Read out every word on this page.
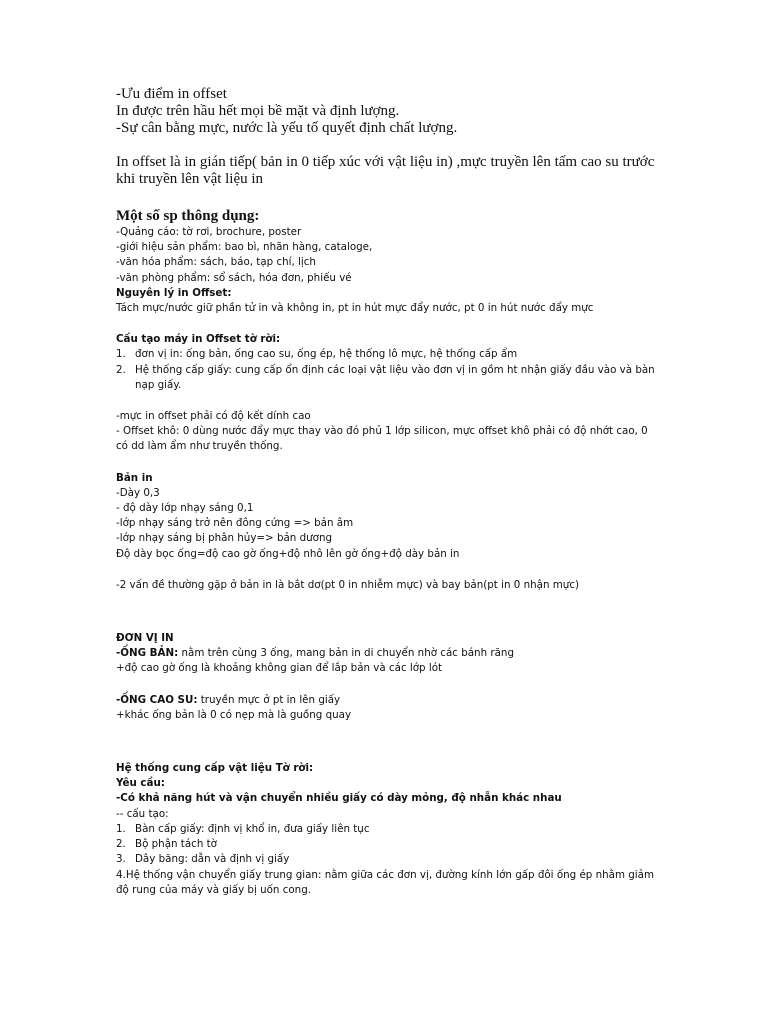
-Ưu điểm in offset
In được trên hầu hết mọi bề mặt và định lượng.
-Sự cân bằng mực, nước là yếu tố quyết định chất lượng.
In offset là in gián tiếp( bản in 0 tiếp xúc với vật liệu in) ,mực truyền lên tấm cao su trước khi truyền lên vật liệu in
Một số sp thông dụng:
-Quảng cáo: tờ rơi, brochure, poster
-giới hiệu sản phẩm: bao bì, nhãn hàng, cataloge,
-văn hóa phẩm: sách, báo, tạp chí, lịch
-văn phòng phẩm: sổ sách, hóa đơn, phiếu vé
Nguyên lý in Offset:
Tách mực/nước giữ phần tử in và không in, pt in hút mực đẩy nước, pt 0 in hút nước đẩy mực
Cấu tạo máy in Offset tờ rời:
1. đơn vị in: ống bản, ống cao su, ống ép, hệ thống lô mực, hệ thống cấp ẩm
2. Hệ thống cấp giấy: cung cấp ổn định các loại vật liệu vào đơn vị in gồm ht nhận giấy đầu vào và bàn nạp giấy.
-mực in offset phải có độ kết dính cao
- Offset khô: 0 dùng nước đẩy mực thay vào đó phủ 1 lớp silicon, mực offset khô phải có độ nhớt cao, 0 có dd làm ẩm như truyền thống.
Bản in
-Dày 0,3
- độ dày lớp nhạy sáng 0,1
-lớp nhạy sáng trở nên đông cứng => bản âm
-lớp nhạy sáng bị phân hủy=> bản dương
Độ dày bọc ống=độ cao gờ ống+độ nhô lên gờ ống+độ dày bản in
-2 vấn đề thường gặp ở bản in là bắt dơ(pt 0 in nhiễm mực) và bay bản(pt in 0 nhận mực)
ĐƠN VỊ IN
-ỐNG BẢN: nằm trên cùng 3 ống, mang bản in di chuyển nhờ các bánh răng
+độ cao gờ ống là khoảng không gian để lắp bản và các lớp lót
-ỐNG CAO SU: truyền mực ở pt in lên giấy
+khác ống bản là 0 có nẹp mà là guồng quay
Hệ thống cung cấp vật liệu Tờ rời:
Yêu cầu:
-Có khả năng hút và vận chuyển nhiều giấy có dày mỏng, độ nhẵn khác nhau
-- cấu tạo:
1. Bàn cấp giấy: định vị khổ in, đưa giấy liên tục
2. Bộ phận tách tờ
3. Dây băng: dẫn và định vị giấy
4.Hệ thống vận chuyển giấy trung gian: nằm giữa các đơn vị, đường kính lớn gấp đôi ống ép nhằm giảm độ rung của máy và giấy bị uốn cong.
